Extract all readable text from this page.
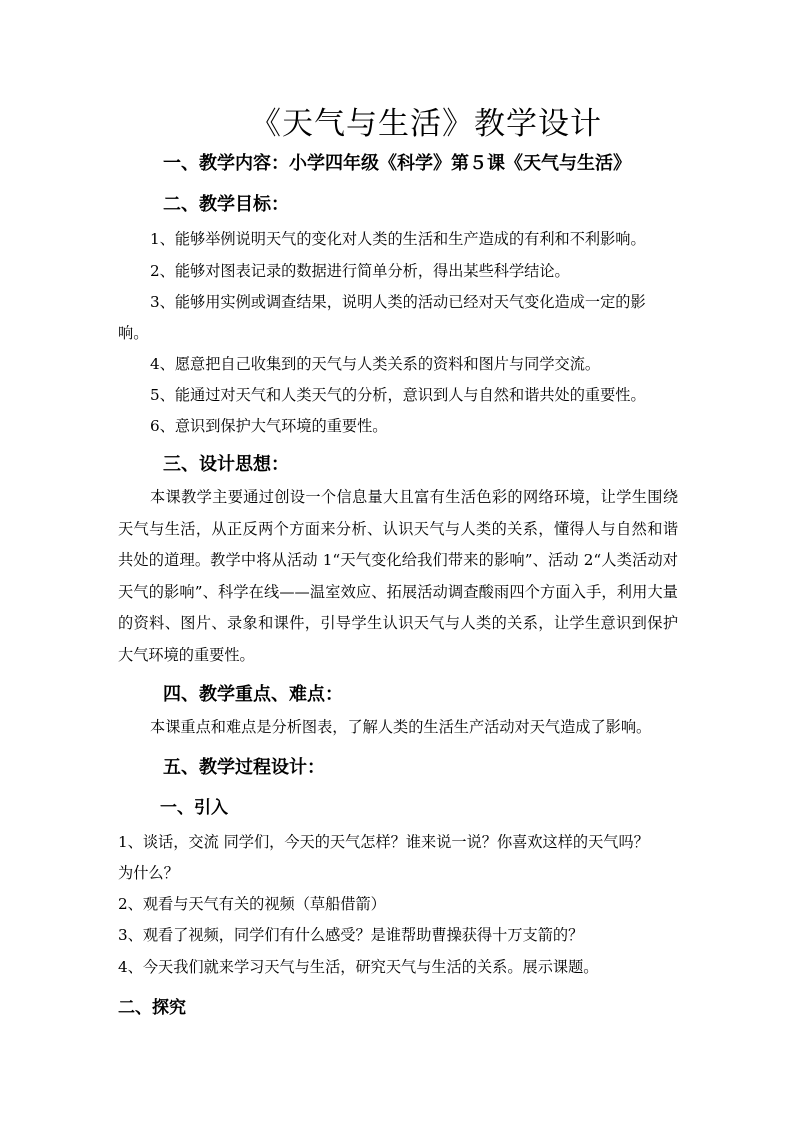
《天气与生活》教学设计
一、教学内容：小学四年级《科学》第５课《天气与生活》
二、教学目标：
1、能够举例说明天气的变化对人类的生活和生产造成的有利和不利影响。
2、能够对图表记录的数据进行简单分析，得出某些科学结论。
3、能够用实例或调查结果，说明人类的活动已经对天气变化造成一定的影
响。
4、愿意把自己收集到的天气与人类关系的资料和图片与同学交流。
5、能通过对天气和人类天气的分析，意识到人与自然和谐共处的重要性。
6、意识到保护大气环境的重要性。
三、设计思想：
本课教学主要通过创设一个信息量大且富有生活色彩的网络环境，让学生围绕天气与生活，从正反两个方面来分析、认识天气与人类的关系，懂得人与自然和谐共处的道理。教学中将从活动 1“天气变化给我们带来的影响”、活动 2“人类活动对天气的影响”、科学在线——温室效应、拓展活动调查酸雨四个方面入手，利用大量的资料、图片、录象和课件，引导学生认识天气与人类的关系，让学生意识到保护大气环境的重要性。
四、教学重点、难点：
本课重点和难点是分析图表，了解人类的生活生产活动对天气造成了影响。
五、教学过程设计：
一、引入
1、谈话，交流 同学们，今天的天气怎样？谁来说一说？你喜欢这样的天气吗？
为什么？
2、观看与天气有关的视频（草船借箭）
3、观看了视频，同学们有什么感受？是谁帮助曹操获得十万支箭的？
4、今天我们就来学习天气与生活，研究天气与生活的关系。展示课题。
二、探究
